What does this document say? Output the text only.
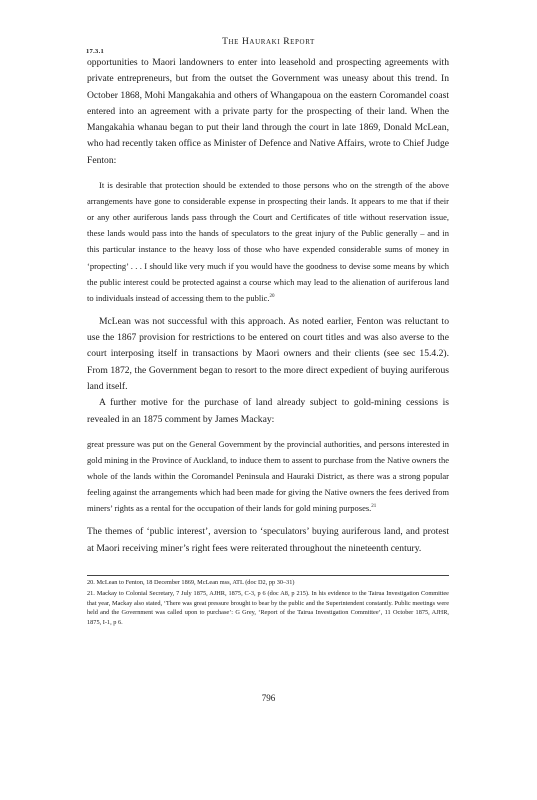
The Hauraki Report
17.3.1

opportunities to Maori landowners to enter into leasehold and prospecting agreements with private entrepreneurs, but from the outset the Government was uneasy about this trend. In October 1868, Mohi Mangakahia and others of Whangapoua on the eastern Coromandel coast entered into an agreement with a private party for the prospecting of their land. When the Mangakahia whanau began to put their land through the court in late 1869, Donald McLean, who had recently taken office as Minister of Defence and Native Affairs, wrote to Chief Judge Fenton:

It is desirable that protection should be extended to those persons who on the strength of the above arrangements have gone to considerable expense in prospecting their lands. It appears to me that if their or any other auriferous lands pass through the Court and Certificates of title without reservation issue, these lands would pass into the hands of speculators to the great injury of the Public generally – and in this particular instance to the heavy loss of those who have expended considerable sums of money in ‘propecting’ . . . I should like very much if you would have the goodness to devise some means by which the public interest could be protected against a course which may lead to the alienation of auriferous land to individuals instead of accessing them to the public.$^{20}$

McLean was not successful with this approach. As noted earlier, Fenton was reluctant to use the 1867 provision for restrictions to be entered on court titles and was also averse to the court interposing itself in transactions by Maori owners and their clients (see sec 15.4.2). From 1872, the Government began to resort to the more direct expedient of buying auriferous land itself.

A further motive for the purchase of land already subject to gold-mining cessions is revealed in an 1875 comment by James Mackay:

great pressure was put on the General Government by the provincial authorities, and persons interested in gold mining in the Province of Auckland, to induce them to assent to purchase from the Native owners the whole of the lands within the Coromandel Peninsula and Hauraki District, as there was a strong popular feeling against the arrangements which had been made for giving the Native owners the fees derived from miners’ rights as a rental for the occupation of their lands for gold mining purposes.$^{21}$

The themes of ‘public interest’, aversion to ‘speculators’ buying auriferous land, and protest at Maori receiving miner’s right fees were reiterated throughout the nineteenth century.

20. McLean to Fenton, 18 December 1869, McLean mss, ATL (doc D2, pp 30–31)

21. Mackay to Colonial Secretary, 7 July 1875, AJHR, 1875, C-3, p 6 (doc A8, p 215). In his evidence to the Tairua Investigation Committee that year, Mackay also stated, ‘There was great pressure brought to bear by the public and the Superintendent constantly. Public meetings were held and the Government was called upon to purchase’: G Grey, ‘Report of the Tairua Investigation Committee’, 11 October 1875, AJHR, 1875, I-1, p 6.

796
